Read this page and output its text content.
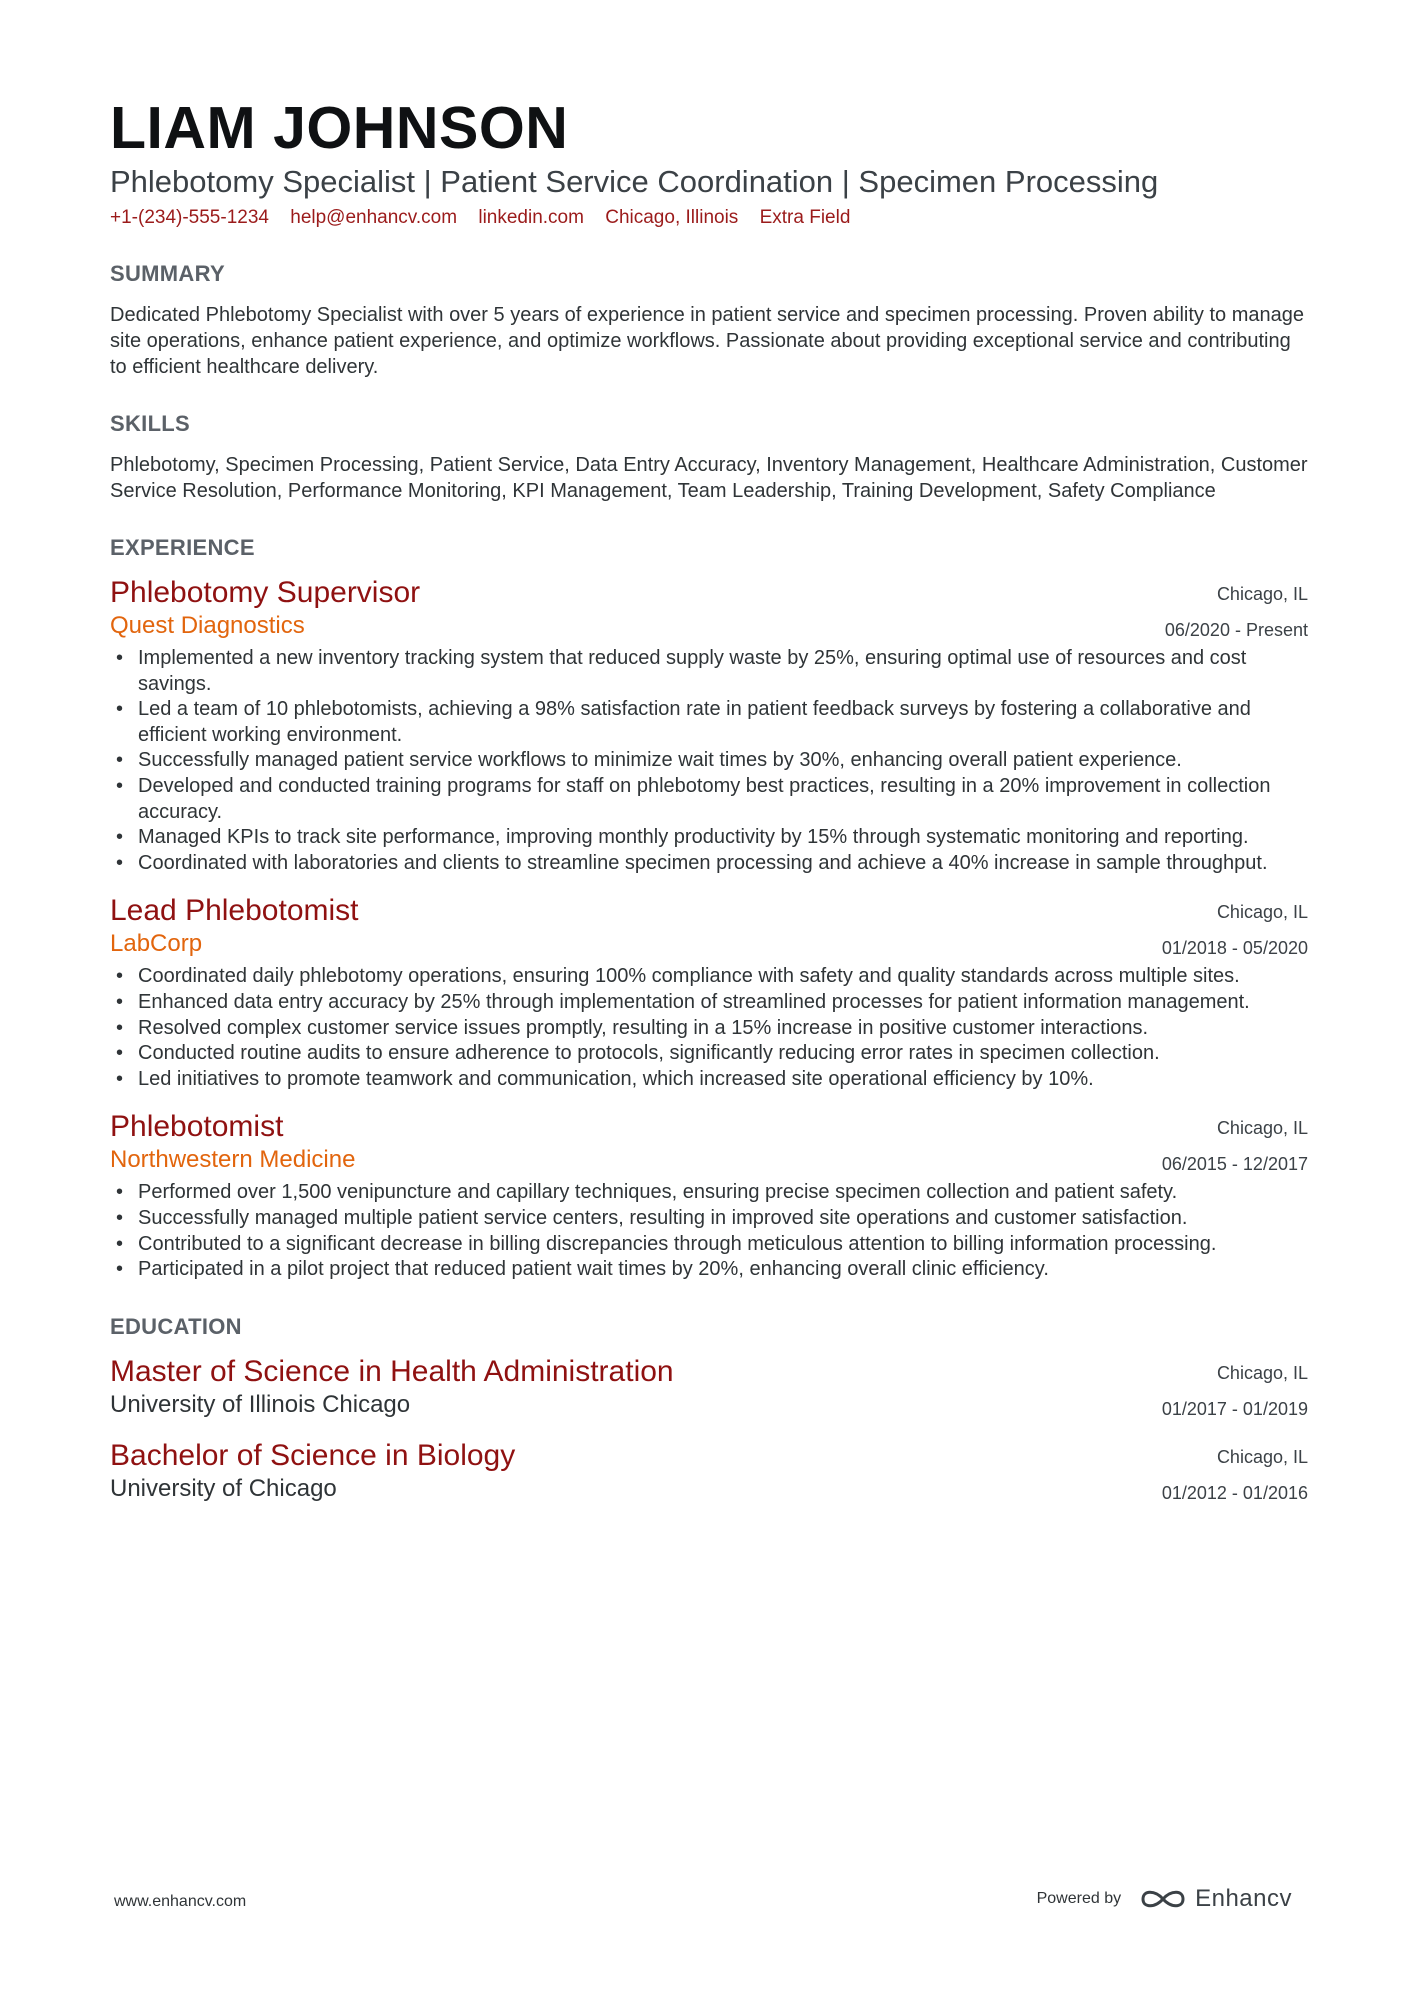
LIAM JOHNSON
Phlebotomy Specialist | Patient Service Coordination | Specimen Processing
+1-(234)-555-1234 help@enhancv.com linkedin.com Chicago, Illinois Extra Field
SUMMARY
Dedicated Phlebotomy Specialist with over 5 years of experience in patient service and specimen processing. Proven ability to manage site operations, enhance patient experience, and optimize workflows. Passionate about providing exceptional service and contributing to efficient healthcare delivery.
SKILLS
Phlebotomy, Specimen Processing, Patient Service, Data Entry Accuracy, Inventory Management, Healthcare Administration, Customer Service Resolution, Performance Monitoring, KPI Management, Team Leadership, Training Development, Safety Compliance
EXPERIENCE
Phlebotomy Supervisor
Quest Diagnostics
Chicago, IL
06/2020 - Present
• Implemented a new inventory tracking system that reduced supply waste by 25%, ensuring optimal use of resources and cost savings.
• Led a team of 10 phlebotomists, achieving a 98% satisfaction rate in patient feedback surveys by fostering a collaborative and efficient working environment.
• Successfully managed patient service workflows to minimize wait times by 30%, enhancing overall patient experience.
• Developed and conducted training programs for staff on phlebotomy best practices, resulting in a 20% improvement in collection accuracy.
• Managed KPIs to track site performance, improving monthly productivity by 15% through systematic monitoring and reporting.
• Coordinated with laboratories and clients to streamline specimen processing and achieve a 40% increase in sample throughput.
Lead Phlebotomist
LabCorp
Chicago, IL
01/2018 - 05/2020
• Coordinated daily phlebotomy operations, ensuring 100% compliance with safety and quality standards across multiple sites.
• Enhanced data entry accuracy by 25% through implementation of streamlined processes for patient information management.
• Resolved complex customer service issues promptly, resulting in a 15% increase in positive customer interactions.
• Conducted routine audits to ensure adherence to protocols, significantly reducing error rates in specimen collection.
• Led initiatives to promote teamwork and communication, which increased site operational efficiency by 10%.
Phlebotomist
Northwestern Medicine
Chicago, IL
06/2015 - 12/2017
• Performed over 1,500 venipuncture and capillary techniques, ensuring precise specimen collection and patient safety.
• Successfully managed multiple patient service centers, resulting in improved site operations and customer satisfaction.
• Contributed to a significant decrease in billing discrepancies through meticulous attention to billing information processing.
• Participated in a pilot project that reduced patient wait times by 20%, enhancing overall clinic efficiency.
EDUCATION
Master of Science in Health Administration
University of Illinois Chicago
Chicago, IL
01/2017 - 01/2019
Bachelor of Science in Biology
University of Chicago
Chicago, IL
01/2012 - 01/2016
www.enhancv.com	Powered by	Enhancv
